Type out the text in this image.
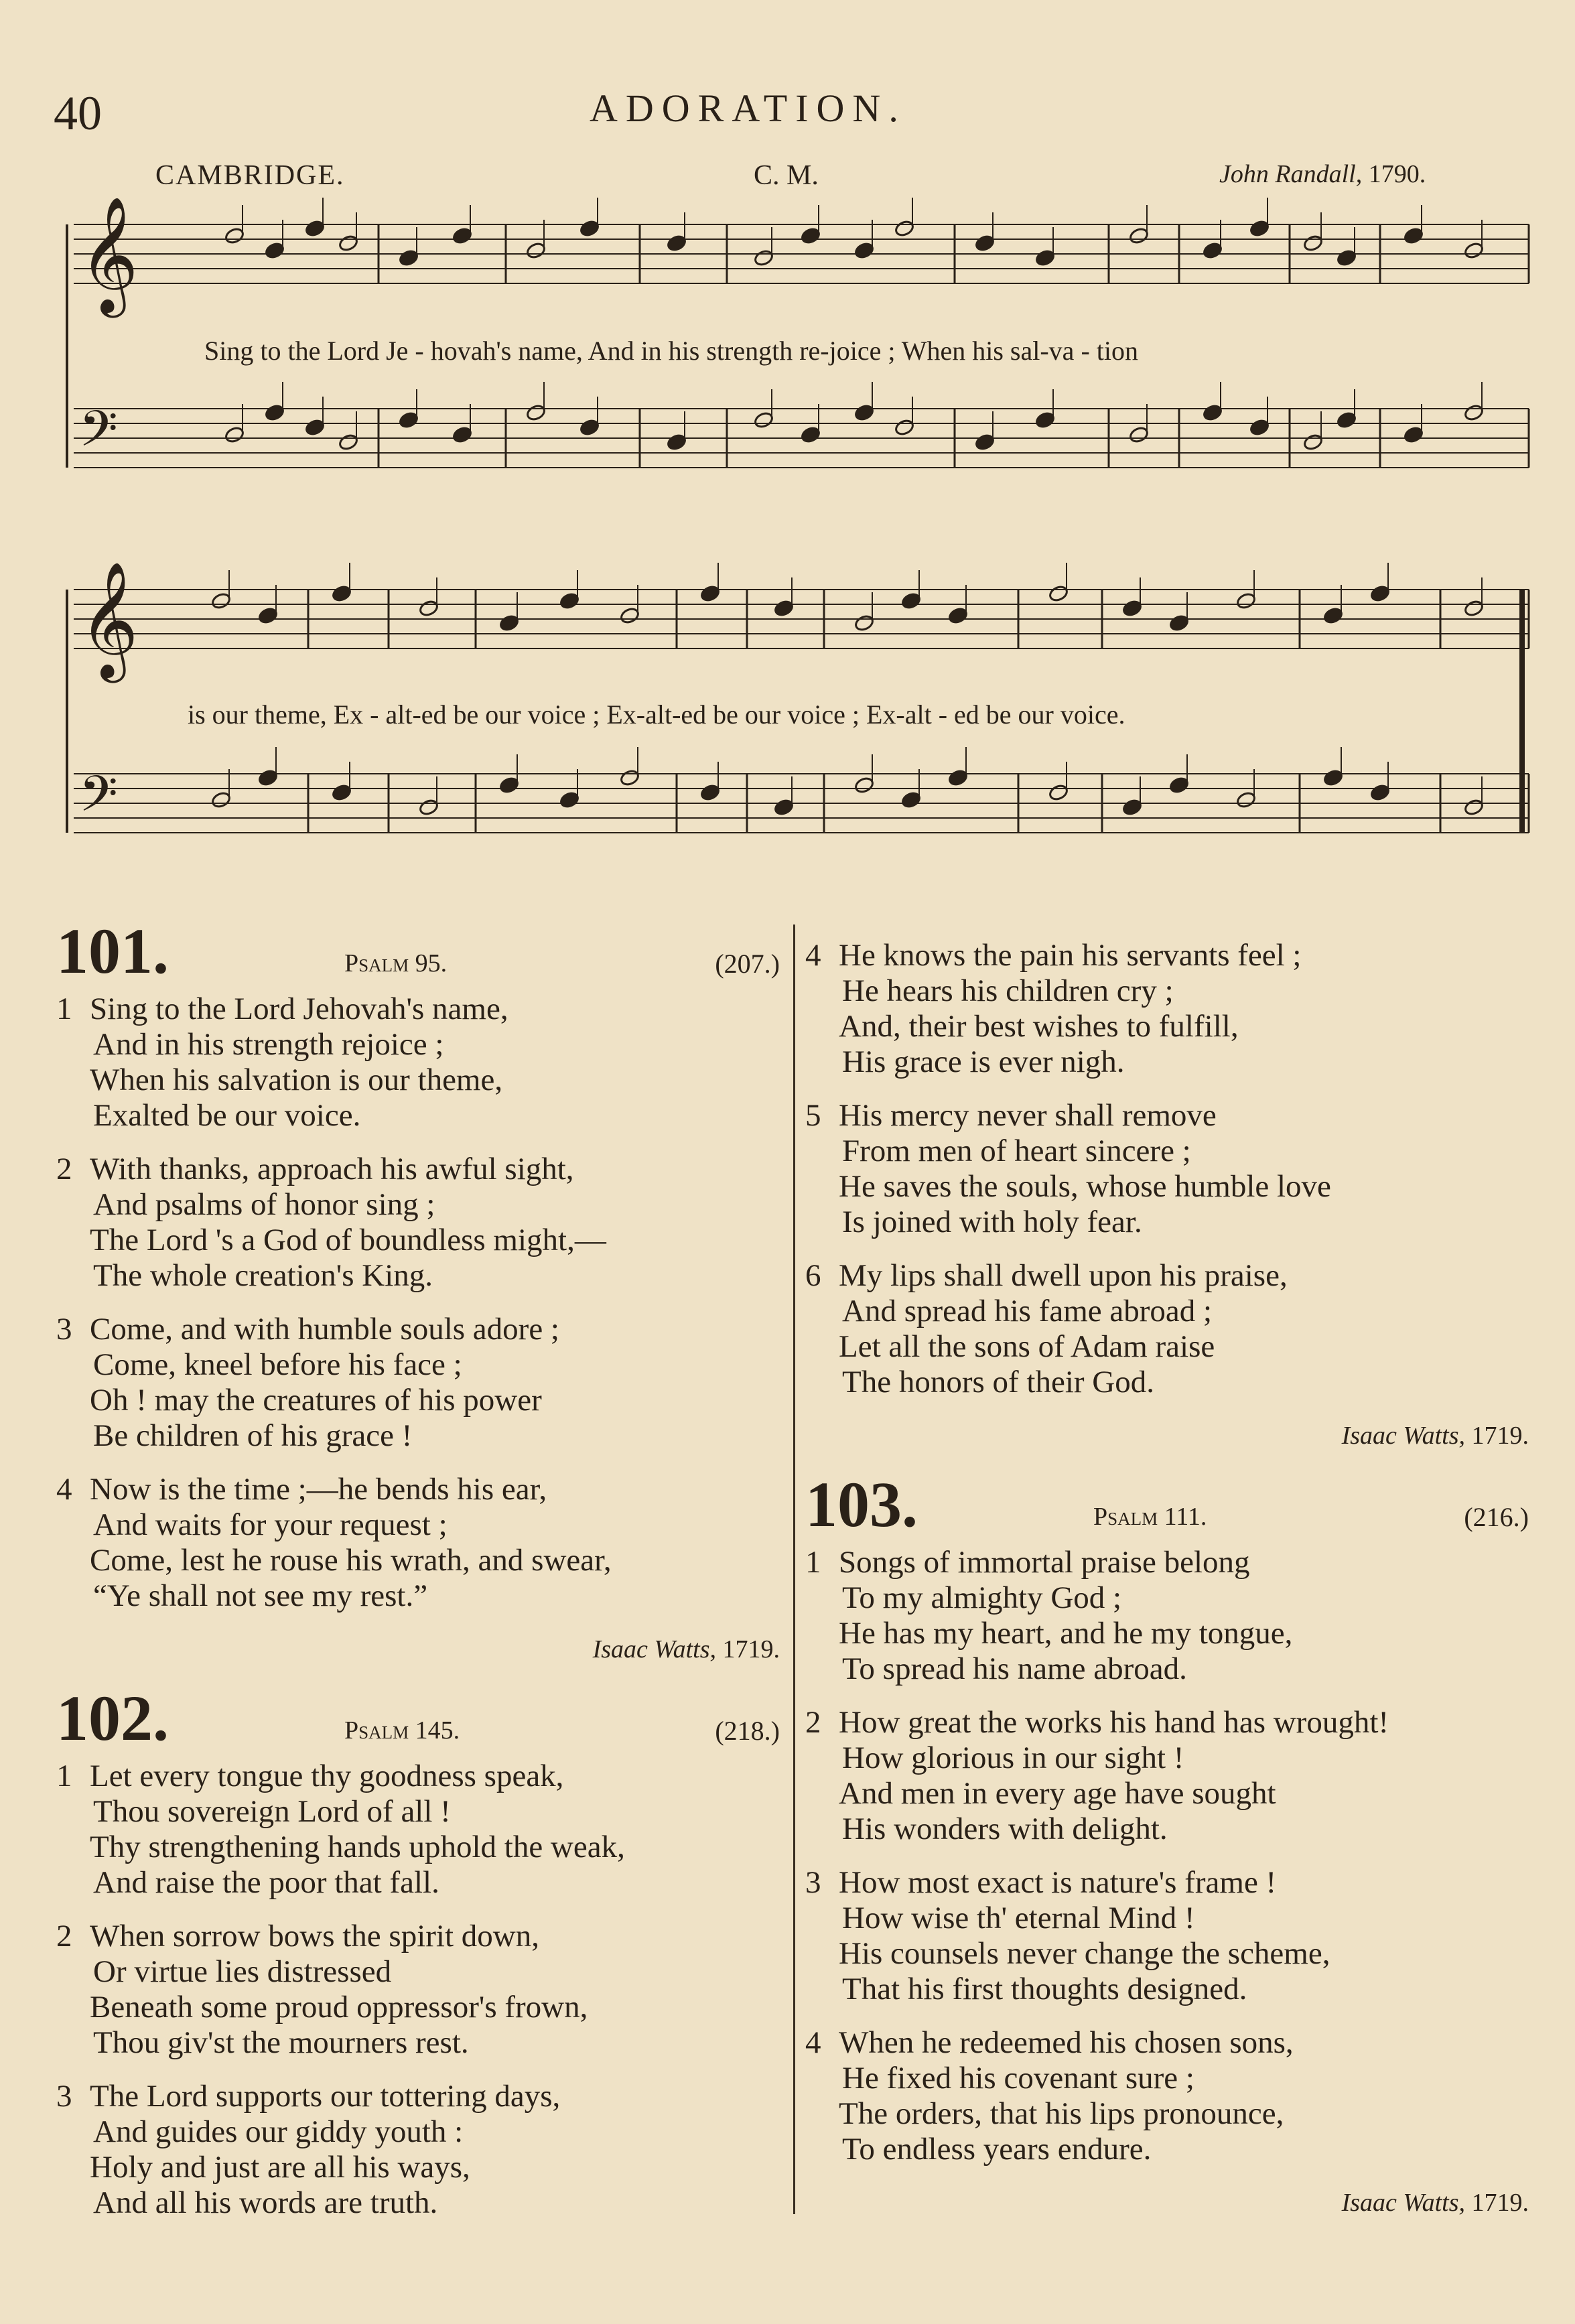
40	ADORATION.
CAMBRIDGE.	C. M.	John Randall, 1790.
𝄞
𝄢
𝄞
𝄢
Sing to the Lord Je - hovah's name, And in his strength re-joice ; When his sal-va - tion
is our theme, Ex - alt-ed be our voice ; Ex-alt-ed be our voice ; Ex-alt - ed be our voice.
101.	Psalm 95.	(207.)
1 Sing to the Lord Jehovah's name,
And in his strength rejoice ;
When his salvation is our theme,
Exalted be our voice.
2 With thanks, approach his awful sight,
And psalms of honor sing ;
The Lord 's a God of boundless might,—
The whole creation's King.
3 Come, and with humble souls adore ;
Come, kneel before his face ;
Oh ! may the creatures of his power
Be children of his grace !
4 Now is the time ;—he bends his ear,
And waits for your request ;
Come, lest he rouse his wrath, and swear,
“Ye shall not see my rest.”
Isaac Watts, 1719.
102.	Psalm 145.	(218.)
1 Let every tongue thy goodness speak,
Thou sovereign Lord of all !
Thy strengthening hands uphold the weak,
And raise the poor that fall.
2 When sorrow bows the spirit down,
Or virtue lies distressed
Beneath some proud oppressor's frown,
Thou giv'st the mourners rest.
3 The Lord supports our tottering days,
And guides our giddy youth :
Holy and just are all his ways,
And all his words are truth.
4 He knows the pain his servants feel ;
He hears his children cry ;
And, their best wishes to fulfill,
His grace is ever nigh.
5 His mercy never shall remove
From men of heart sincere ;
He saves the souls, whose humble love
Is joined with holy fear.
6 My lips shall dwell upon his praise,
And spread his fame abroad ;
Let all the sons of Adam raise
The honors of their God.
Isaac Watts, 1719.
103.	Psalm 111.	(216.)
1 Songs of immortal praise belong
To my almighty God ;
He has my heart, and he my tongue,
To spread his name abroad.
2 How great the works his hand has wrought!
How glorious in our sight !
And men in every age have sought
His wonders with delight.
3 How most exact is nature's frame !
How wise th' eternal Mind !
His counsels never change the scheme,
That his first thoughts designed.
4 When he redeemed his chosen sons,
He fixed his covenant sure ;
The orders, that his lips pronounce,
To endless years endure.
Isaac Watts, 1719.
